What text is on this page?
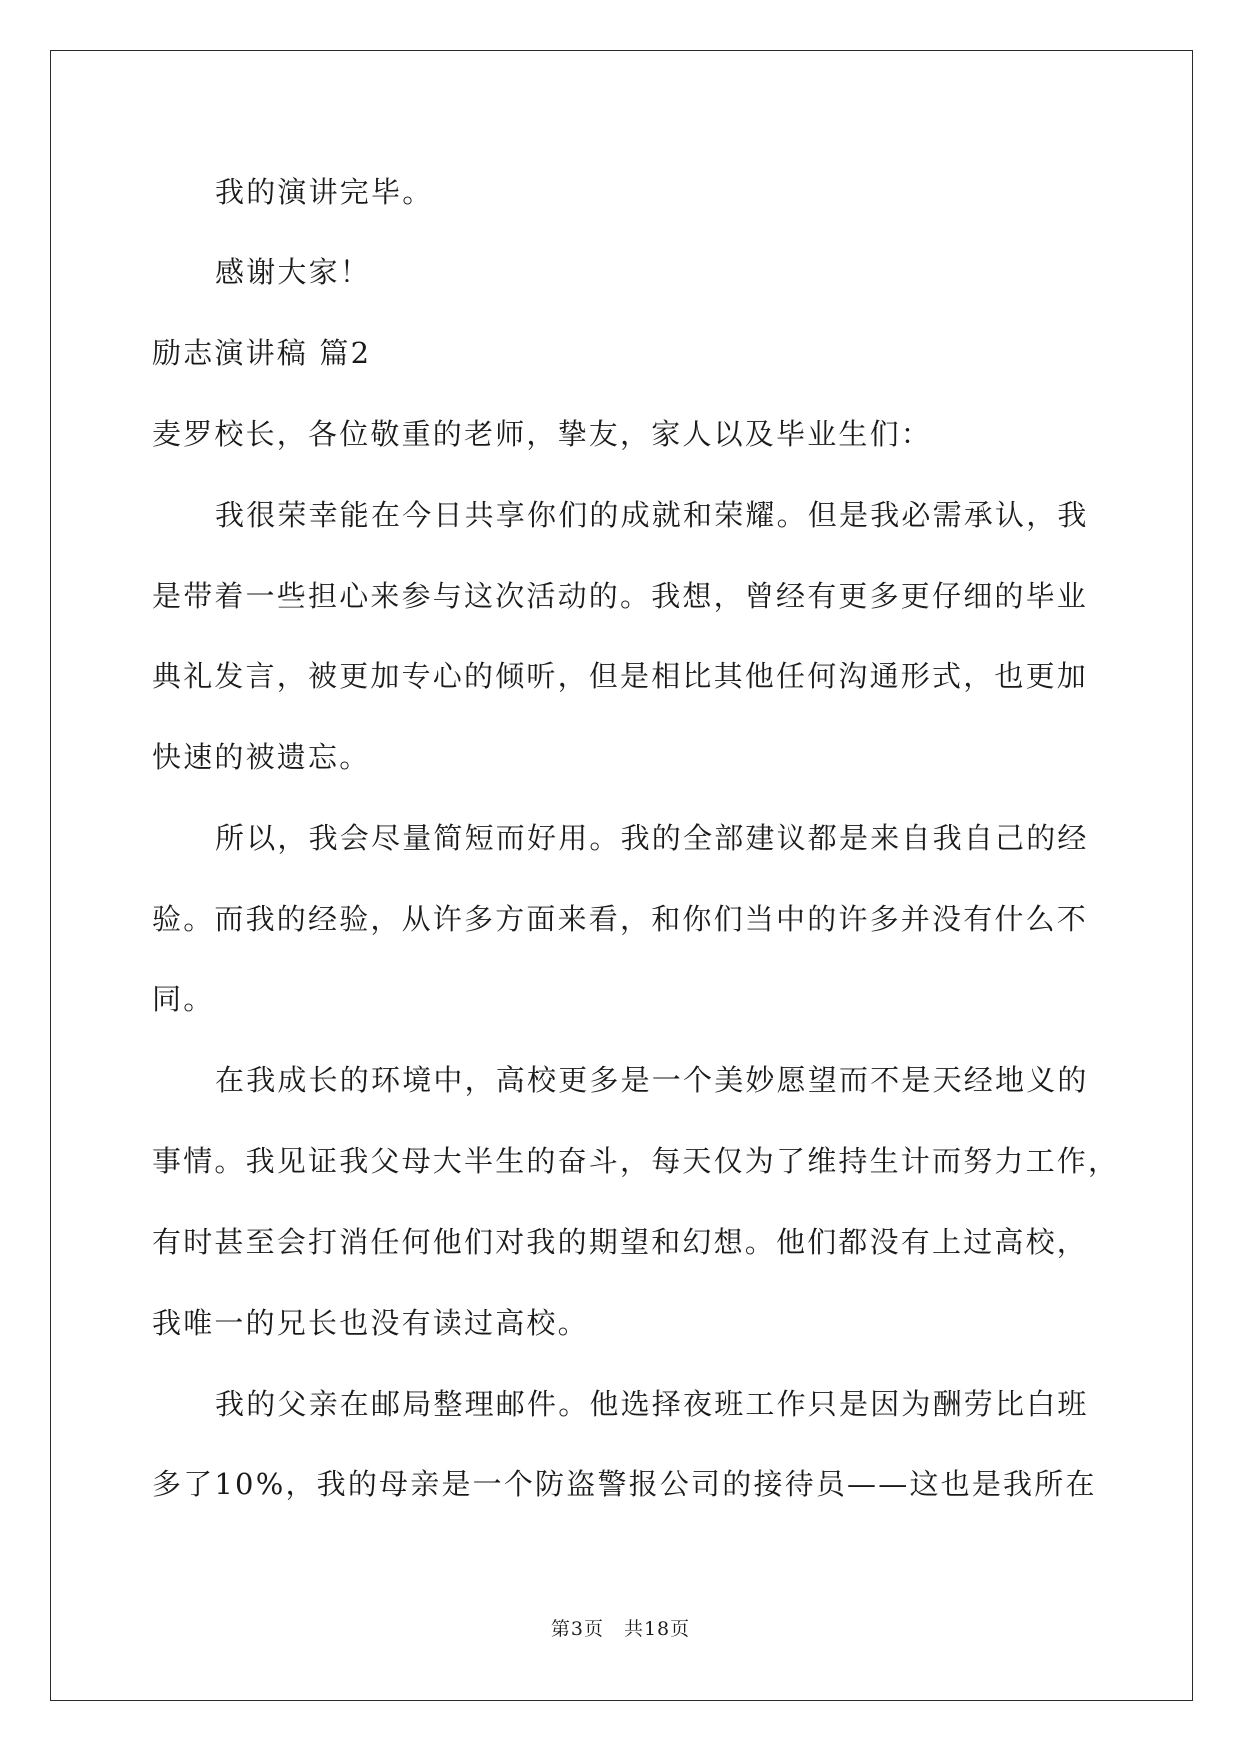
我的演讲完毕。
感谢大家！
励志演讲稿 篇2
麦罗校长，各位敬重的老师，挚友，家人以及毕业生们：
我很荣幸能在今日共享你们的成就和荣耀。但是我必需承认，我
是带着一些担心来参与这次活动的。我想，曾经有更多更仔细的毕业
典礼发言，被更加专心的倾听，但是相比其他任何沟通形式，也更加
快速的被遗忘。
所以，我会尽量简短而好用。我的全部建议都是来自我自己的经
验。而我的经验，从许多方面来看，和你们当中的许多并没有什么不
同。
在我成长的环境中，高校更多是一个美妙愿望而不是天经地义的
事情。我见证我父母大半生的奋斗，每天仅为了维持生计而努力工作，
有时甚至会打消任何他们对我的期望和幻想。他们都没有上过高校，
我唯一的兄长也没有读过高校。
我的父亲在邮局整理邮件。他选择夜班工作只是因为酬劳比白班
多了10%，我的母亲是一个防盗警报公司的接待员——这也是我所在
第3页　共18页
